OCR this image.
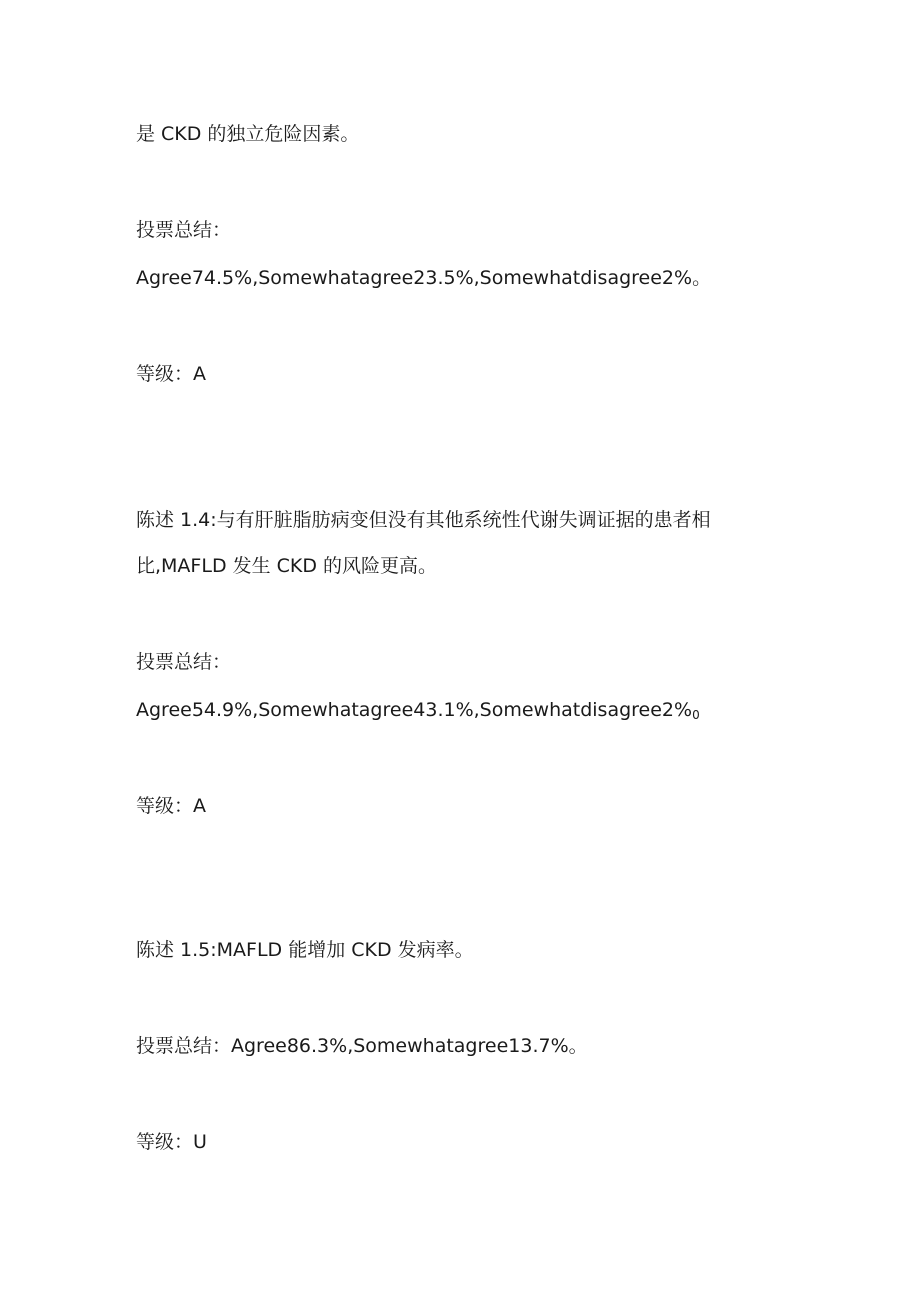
是 CKD 的独立危险因素。

投票总结：

Agree74.5%,Somewhatagree23.5%,Somewhatdisagree2%。

等级：A

陈述 1.4:与有肝脏脂肪病变但没有其他系统性代谢失调证据的患者相

比,MAFLD 发生 CKD 的风险更高。

投票总结：

Agree54.9%,Somewhatagree43.1%,Somewhatdisagree2%0

等级：A

陈述 1.5:MAFLD 能增加 CKD 发病率。

投票总结：Agree86.3%,Somewhatagree13.7%。

等级：U
